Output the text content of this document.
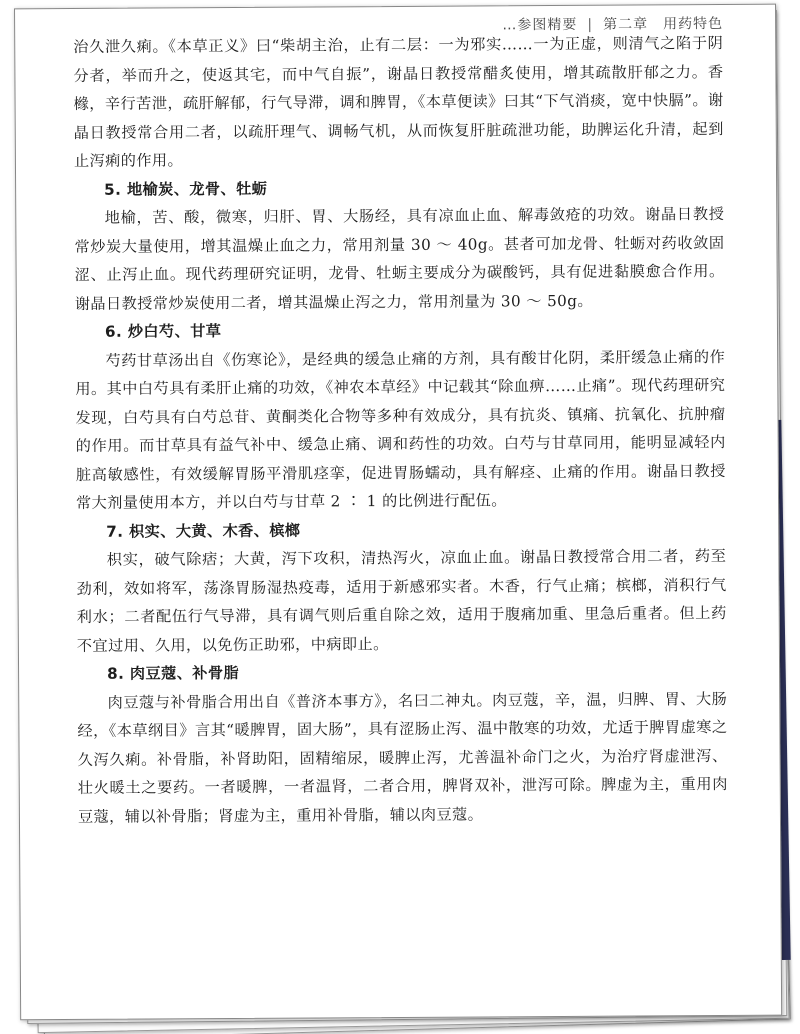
…参图精要 | 第二章　用药特色

治久泄久痢。《本草正义》曰“柴胡主治，止有二层：一为邪实……一为正虚，则清气之陷于阴分者，举而升之，使返其宅，而中气自振”，谢晶日教授常醋炙使用，增其疏散肝郁之力。香橼，辛行苦泄，疏肝解郁，行气导滞，调和脾胃，《本草便读》曰其“下气消痰，宽中快膈”。谢晶日教授常合用二者，以疏肝理气、调畅气机，从而恢复肝脏疏泄功能，助脾运化升清，起到止泻痢的作用。

5. 地榆炭、龙骨、牡蛎

地榆，苦、酸，微寒，归肝、胃、大肠经，具有凉血止血、解毒敛疮的功效。谢晶日教授常炒炭大量使用，增其温燥止血之力，常用剂量 30 ～ 40g。甚者可加龙骨、牡蛎对药收敛固涩、止泻止血。现代药理研究证明，龙骨、牡蛎主要成分为碳酸钙，具有促进黏膜愈合作用。谢晶日教授常炒炭使用二者，增其温燥止泻之力，常用剂量为 30 ～ 50g。

6. 炒白芍、甘草

芍药甘草汤出自《伤寒论》，是经典的缓急止痛的方剂，具有酸甘化阴，柔肝缓急止痛的作用。其中白芍具有柔肝止痛的功效，《神农本草经》中记载其“除血痹……止痛”。现代药理研究发现，白芍具有白芍总苷、黄酮类化合物等多种有效成分，具有抗炎、镇痛、抗氧化、抗肿瘤的作用。而甘草具有益气补中、缓急止痛、调和药性的功效。白芍与甘草同用，能明显减轻内脏高敏感性，有效缓解胃肠平滑肌痉挛，促进胃肠蠕动，具有解痉、止痛的作用。谢晶日教授常大剂量使用本方，并以白芍与甘草 2 ∶ 1 的比例进行配伍。

7. 枳实、大黄、木香、槟榔

枳实，破气除痞；大黄，泻下攻积，清热泻火，凉血止血。谢晶日教授常合用二者，药至劲利，效如将军，荡涤胃肠湿热疫毒，适用于新感邪实者。木香，行气止痛；槟榔，消积行气利水；二者配伍行气导滞，具有调气则后重自除之效，适用于腹痛加重、里急后重者。但上药不宜过用、久用，以免伤正助邪，中病即止。

8. 肉豆蔻、补骨脂

肉豆蔻与补骨脂合用出自《普济本事方》，名曰二神丸。肉豆蔻，辛，温，归脾、胃、大肠经，《本草纲目》言其“暖脾胃，固大肠”，具有涩肠止泻、温中散寒的功效，尤适于脾胃虚寒之久泻久痢。补骨脂，补肾助阳，固精缩尿，暖脾止泻，尤善温补命门之火，为治疗肾虚泄泻、壮火暖土之要药。一者暖脾，一者温肾，二者合用，脾肾双补，泄泻可除。脾虚为主，重用肉豆蔻，辅以补骨脂；肾虚为主，重用补骨脂，辅以肉豆蔻。
